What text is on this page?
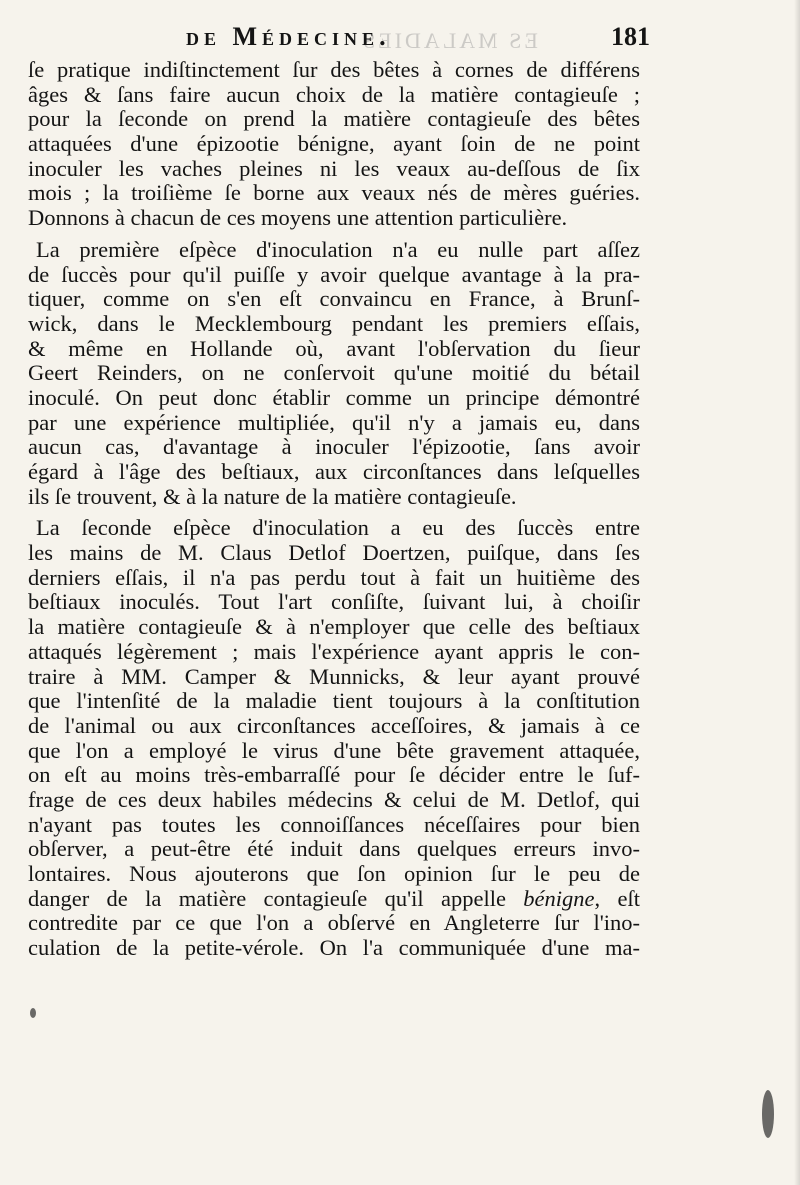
ES MALADIES
de Médecine.	181
ſe pratique indiſtinctement ſur des bêtes à cornes de différens
âges & ſans faire aucun choix de la matière contagieuſe ;
pour la ſeconde on prend la matière contagieuſe des bêtes
attaquées d'une épizootie bénigne, ayant ſoin de ne point
inoculer les vaches pleines ni les veaux au-deſſous de ſix
mois ; la troiſième ſe borne aux veaux nés de mères guéries.
Donnons à chacun de ces moyens une attention particulière.
La première eſpèce d'inoculation n'a eu nulle part aſſez
de ſuccès pour qu'il puiſſe y avoir quelque avantage à la pra-
tiquer, comme on s'en eſt convaincu en France, à Brunſ-
wick, dans le Mecklembourg pendant les premiers eſſais,
& même en Hollande où, avant l'obſervation du ſieur
Geert Reinders, on ne conſervoit qu'une moitié du bétail
inoculé. On peut donc établir comme un principe démontré
par une expérience multipliée, qu'il n'y a jamais eu, dans
aucun cas, d'avantage à inoculer l'épizootie, ſans avoir
égard à l'âge des beſtiaux, aux circonſtances dans leſquelles
ils ſe trouvent, & à la nature de la matière contagieuſe.
La ſeconde eſpèce d'inoculation a eu des ſuccès entre
les mains de M. Claus Detlof Doertzen, puiſque, dans ſes
derniers eſſais, il n'a pas perdu tout à fait un huitième des
beſtiaux inoculés. Tout l'art conſiſte, ſuivant lui, à choiſir
la matière contagieuſe & à n'employer que celle des beſtiaux
attaqués légèrement ; mais l'expérience ayant appris le con-
traire à MM. Camper & Munnicks, & leur ayant prouvé
que l'intenſité de la maladie tient toujours à la conſtitution
de l'animal ou aux circonſtances acceſſoires, & jamais à ce
que l'on a employé le virus d'une bête gravement attaquée,
on eſt au moins très-embarraſſé pour ſe décider entre le ſuf-
frage de ces deux habiles médecins & celui de M. Detlof, qui
n'ayant pas toutes les connoiſſances néceſſaires pour bien
obſerver, a peut-être été induit dans quelques erreurs invo-
lontaires. Nous ajouterons que ſon opinion ſur le peu de
danger de la matière contagieuſe qu'il appelle bénigne, eſt
contredite par ce que l'on a obſervé en Angleterre ſur l'ino-
culation de la petite-vérole. On l'a communiquée d'une ma-
